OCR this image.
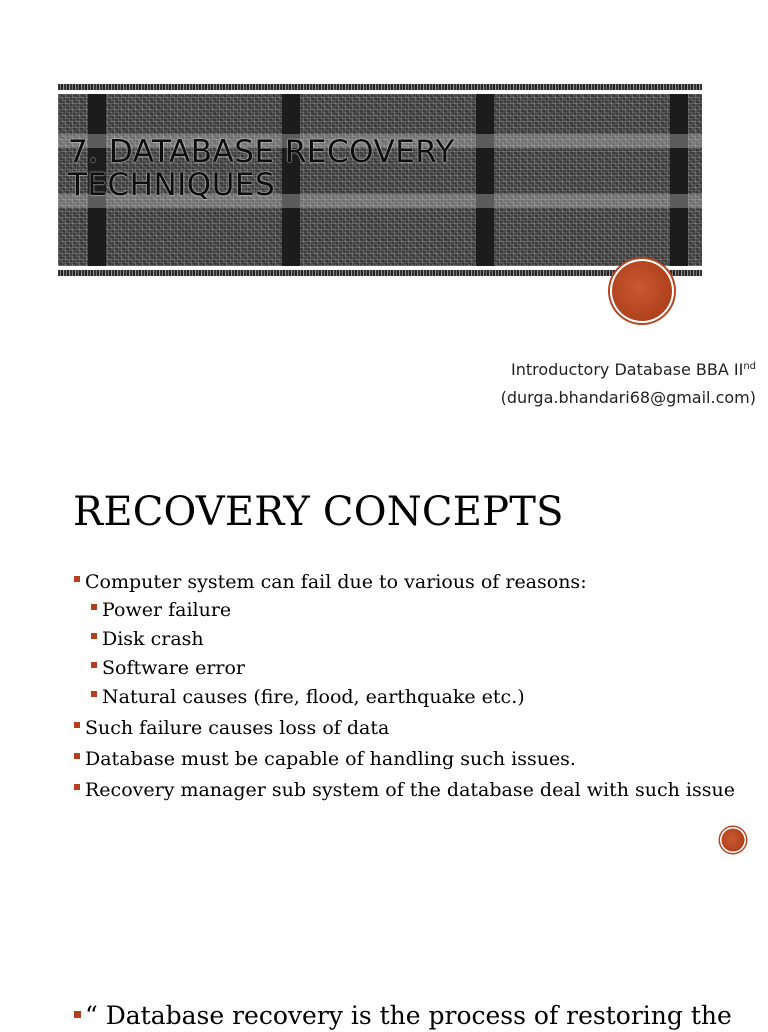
7. DATABASE RECOVERY
TECHNIQUES
Introductory Database BBA IInd
(durga.bhandari68@gmail.com)
RECOVERY CONCEPTS
Computer system can fail due to various of reasons:
Power failure
Disk crash
Software error
Natural causes (fire, flood, earthquake etc.)
Such failure causes loss of data
Database must be capable of handling such issues.
Recovery manager sub system of the database deal with such issue
“ Database recovery is the process of restoring the
